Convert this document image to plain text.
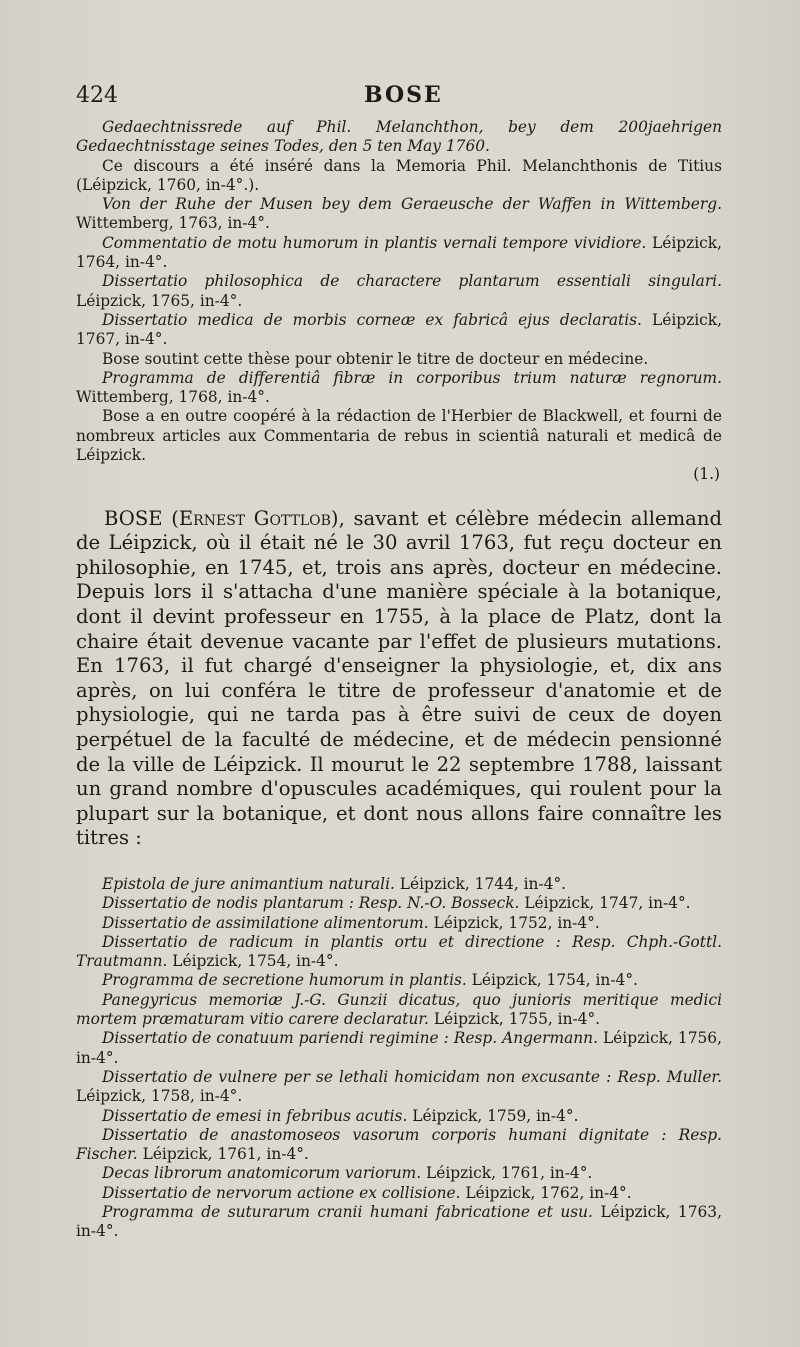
424	BOSE

Gedaechtnissrede auf Phil. Melanchthon, bey dem 200jaehrigen Gedaechtnisstage seines Todes, den 5 ten May 1760.

Ce discours a été inséré dans la Memoria Phil. Melanchthonis de Titius (Léipzick, 1760, in-4°.).

Von der Ruhe der Musen bey dem Geraeusche der Waffen in Wittemberg. Wittemberg, 1763, in-4°.

Commentatio de motu humorum in plantis vernali tempore vividiore. Léipzick, 1764, in-4°.

Dissertatio philosophica de charactere plantarum essentiali singulari. Léipzick, 1765, in-4°.

Dissertatio medica de morbis corneæ ex fabricâ ejus declaratis. Léipzick, 1767, in-4°.

Bose soutint cette thèse pour obtenir le titre de docteur en médecine.

Programma de differentiâ fibræ in corporibus trium naturæ regnorum. Wittemberg, 1768, in-4°.

Bose a en outre coopéré à la rédaction de l'Herbier de Blackwell, et fourni de nombreux articles aux Commentaria de rebus in scientiâ naturali et medicâ de Léipzick.

(1.)

BOSE (Ernest Gottlob), savant et célèbre médecin allemand de Léipzick, où il était né le 30 avril 1763, fut reçu docteur en philosophie, en 1745, et, trois ans après, docteur en médecine. Depuis lors il s'attacha d'une manière spéciale à la botanique, dont il devint professeur en 1755, à la place de Platz, dont la chaire était devenue vacante par l'effet de plusieurs mutations. En 1763, il fut chargé d'enseigner la physiologie, et, dix ans après, on lui conféra le titre de professeur d'anatomie et de physiologie, qui ne tarda pas à être suivi de ceux de doyen perpétuel de la faculté de médecine, et de médecin pensionné de la ville de Léipzick. Il mourut le 22 septembre 1788, laissant un grand nombre d'opuscules académiques, qui roulent pour la plupart sur la botanique, et dont nous allons faire connaître les titres :

Epistola de jure animantium naturali. Léipzick, 1744, in-4°.

Dissertatio de nodis plantarum : Resp. N.-O. Bosseck. Léipzick, 1747, in-4°.

Dissertatio de assimilatione alimentorum. Léipzick, 1752, in-4°.

Dissertatio de radicum in plantis ortu et directione : Resp. Chph.-Gottl. Trautmann. Léipzick, 1754, in-4°.

Programma de secretione humorum in plantis. Léipzick, 1754, in-4°.

Panegyricus memoriæ J.-G. Gunzii dicatus, quo junioris meritique medici mortem præmaturam vitio carere declaratur. Léipzick, 1755, in-4°.

Dissertatio de conatuum pariendi regimine : Resp. Angermann. Léipzick, 1756, in-4°.

Dissertatio de vulnere per se lethali homicidam non excusante : Resp. Muller. Léipzick, 1758, in-4°.

Dissertatio de emesi in febribus acutis. Léipzick, 1759, in-4°.

Dissertatio de anastomoseos vasorum corporis humani dignitate : Resp. Fischer. Léipzick, 1761, in-4°.

Decas librorum anatomicorum variorum. Léipzick, 1761, in-4°.

Dissertatio de nervorum actione ex collisione. Léipzick, 1762, in-4°.

Programma de suturarum cranii humani fabricatione et usu. Léipzick, 1763, in-4°.
